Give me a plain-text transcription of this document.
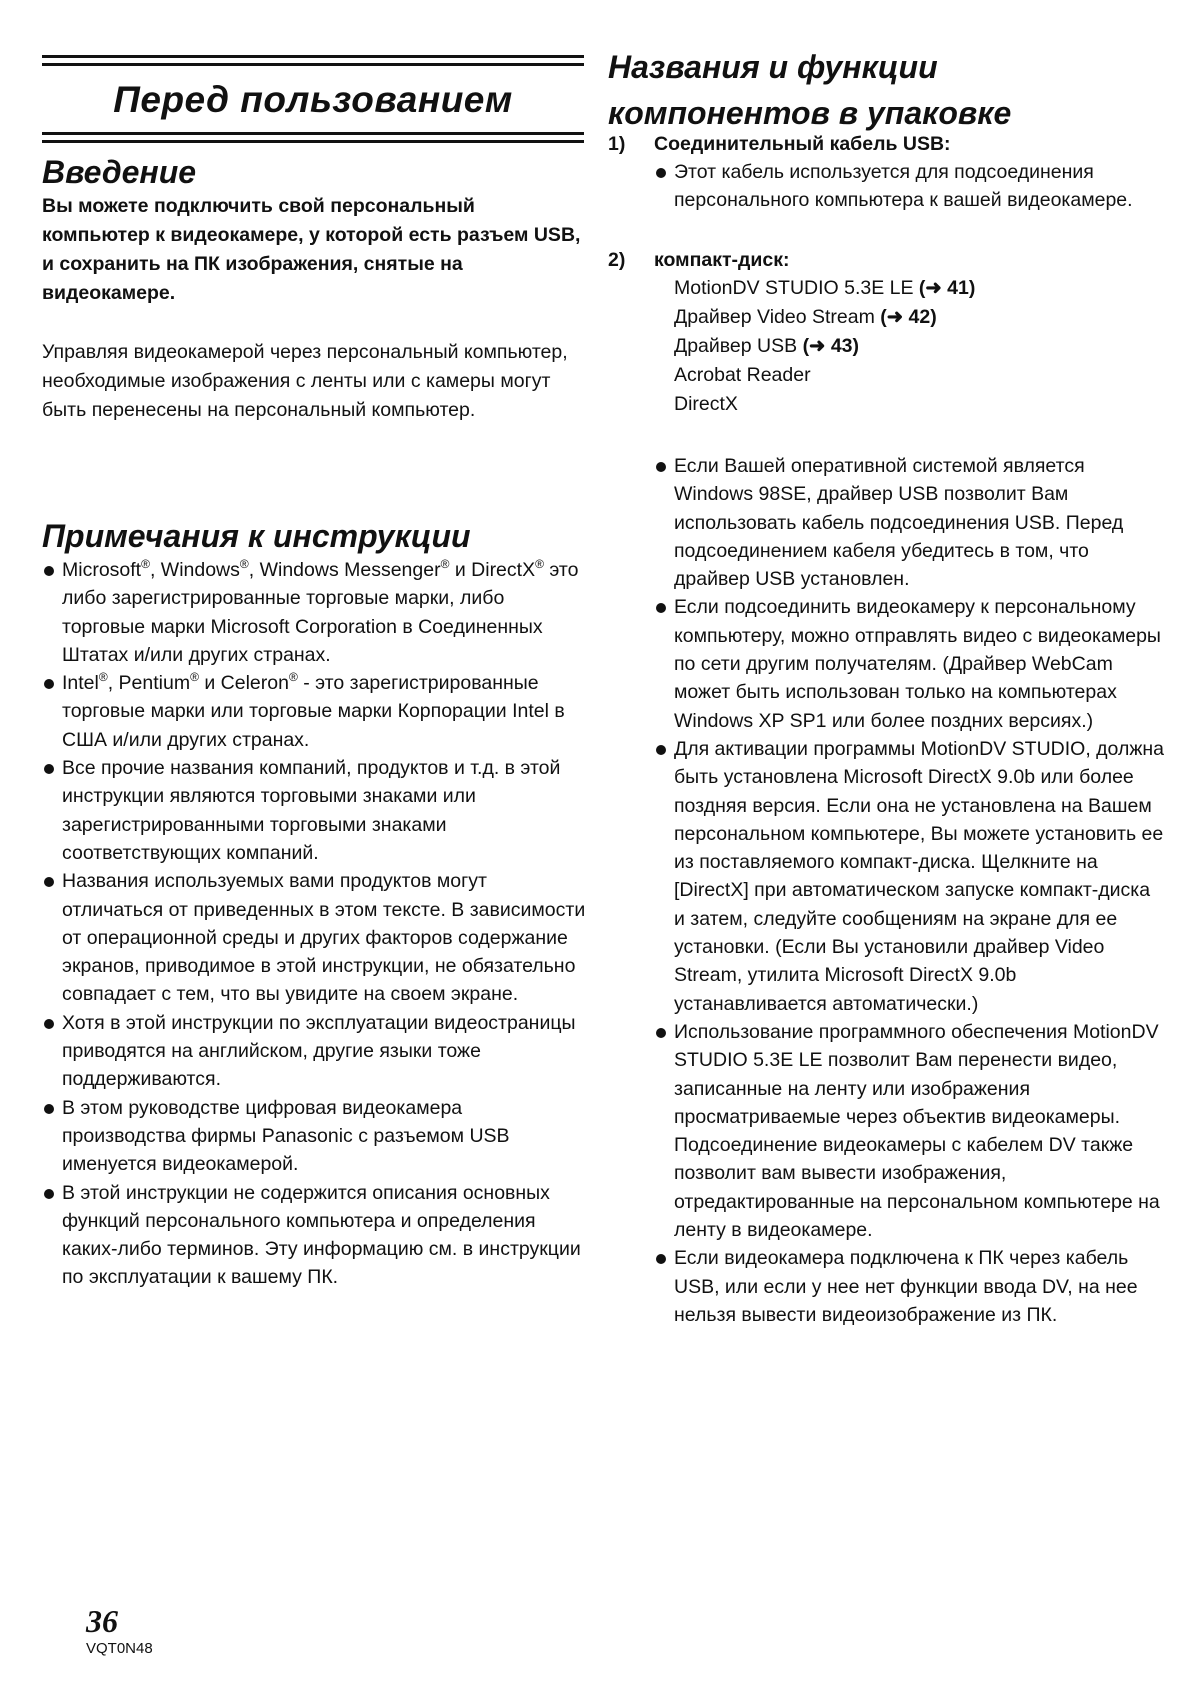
Перед пользованием
Введение

Вы можете подключить свой персональный компьютер к видеокамере, у которой есть разъем USB, и сохранить на ПК изображения, снятые на видеокамере.

Управляя видеокамерой через персональный компьютер, необходимые изображения с ленты или с камеры могут быть перенесены на персональный компьютер.

Примечания к инструкции
Microsoft®, Windows®, Windows Messenger® и DirectX® это либо зарегистрированные торговые марки, либо торговые марки Microsoft Corporation в Соединенных Штатах и/или других странах.
Intel®, Pentium® и Celeron® - это зарегистрированные торговые марки или торговые марки Корпорации Intel в США и/или других странах.
Все прочие названия компаний, продуктов и т.д. в этой инструкции являются торговыми знаками или зарегистрированными торговыми знаками соответствующих компаний.
Названия используемых вами продуктов могут отличаться от приведенных в этом тексте. В зависимости от операционной среды и других факторов содержание экранов, приводимое в этой инструкции, не обязательно совпадает с тем, что вы увидите на своем экране.
Хотя в этой инструкции по эксплуатации видеостраницы приводятся на английском, другие языки тоже поддерживаются.
В этом руководстве цифровая видеокамера производства фирмы Panasonic с разъемом USB именуется видеокамерой.
В этой инструкции не содержится описания основных функций персонального компьютера и определения каких-либо терминов. Эту информацию см. в инструкции по эксплуатации к вашему ПК.
36
VQT0N48
Названия и функции
компонентов в упаковке
1) Соединительный кабель USB:
Этот кабель используется для подсоединения персонального компьютера к вашей видеокамере.
2) компакт-диск:
MotionDV STUDIO 5.3E LE (➜ 41)
Драйвер Video Stream (➜ 42)
Драйвер USB (➜ 43)
Acrobat Reader
DirectX
Если Вашей оперативной системой является Windows 98SE, драйвер USB позволит Вам использовать кабель подсоединения USB. Перед подсоединением кабеля убедитесь в том, что драйвер USB установлен.
Если подсоединить видеокамеру к персональному компьютеру, можно отправлять видео с видеокамеры по сети другим получателям. (Драйвер WebCam может быть использован только на компьютерах Windows XP SP1 или более поздних версиях.)
Для активации программы MotionDV STUDIO, должна быть установлена Microsoft DirectX 9.0b или более поздняя версия. Если она не установлена на Вашем персональном компьютере, Вы можете установить ее из поставляемого компакт-диска. Щелкните на [DirectX] при автоматическом запуске компакт-диска и затем, следуйте сообщениям на экране для ее установки. (Если Вы установили драйвер Video Stream, утилита Microsoft DirectX 9.0b устанавливается автоматически.)
Использование программного обеспечения MotionDV STUDIO 5.3E LE позволит Вам перенести видео, записанные на ленту или изображения просматриваемые через объектив видеокамеры. Подсоединение видеокамеры с кабелем DV также позволит вам вывести изображения, отредактированные на персональном компьютере на ленту в видеокамере.
Если видеокамера подключена к ПК через кабель USB, или если у нее нет функции ввода DV, на нее нельзя вывести видеоизображение из ПК.
